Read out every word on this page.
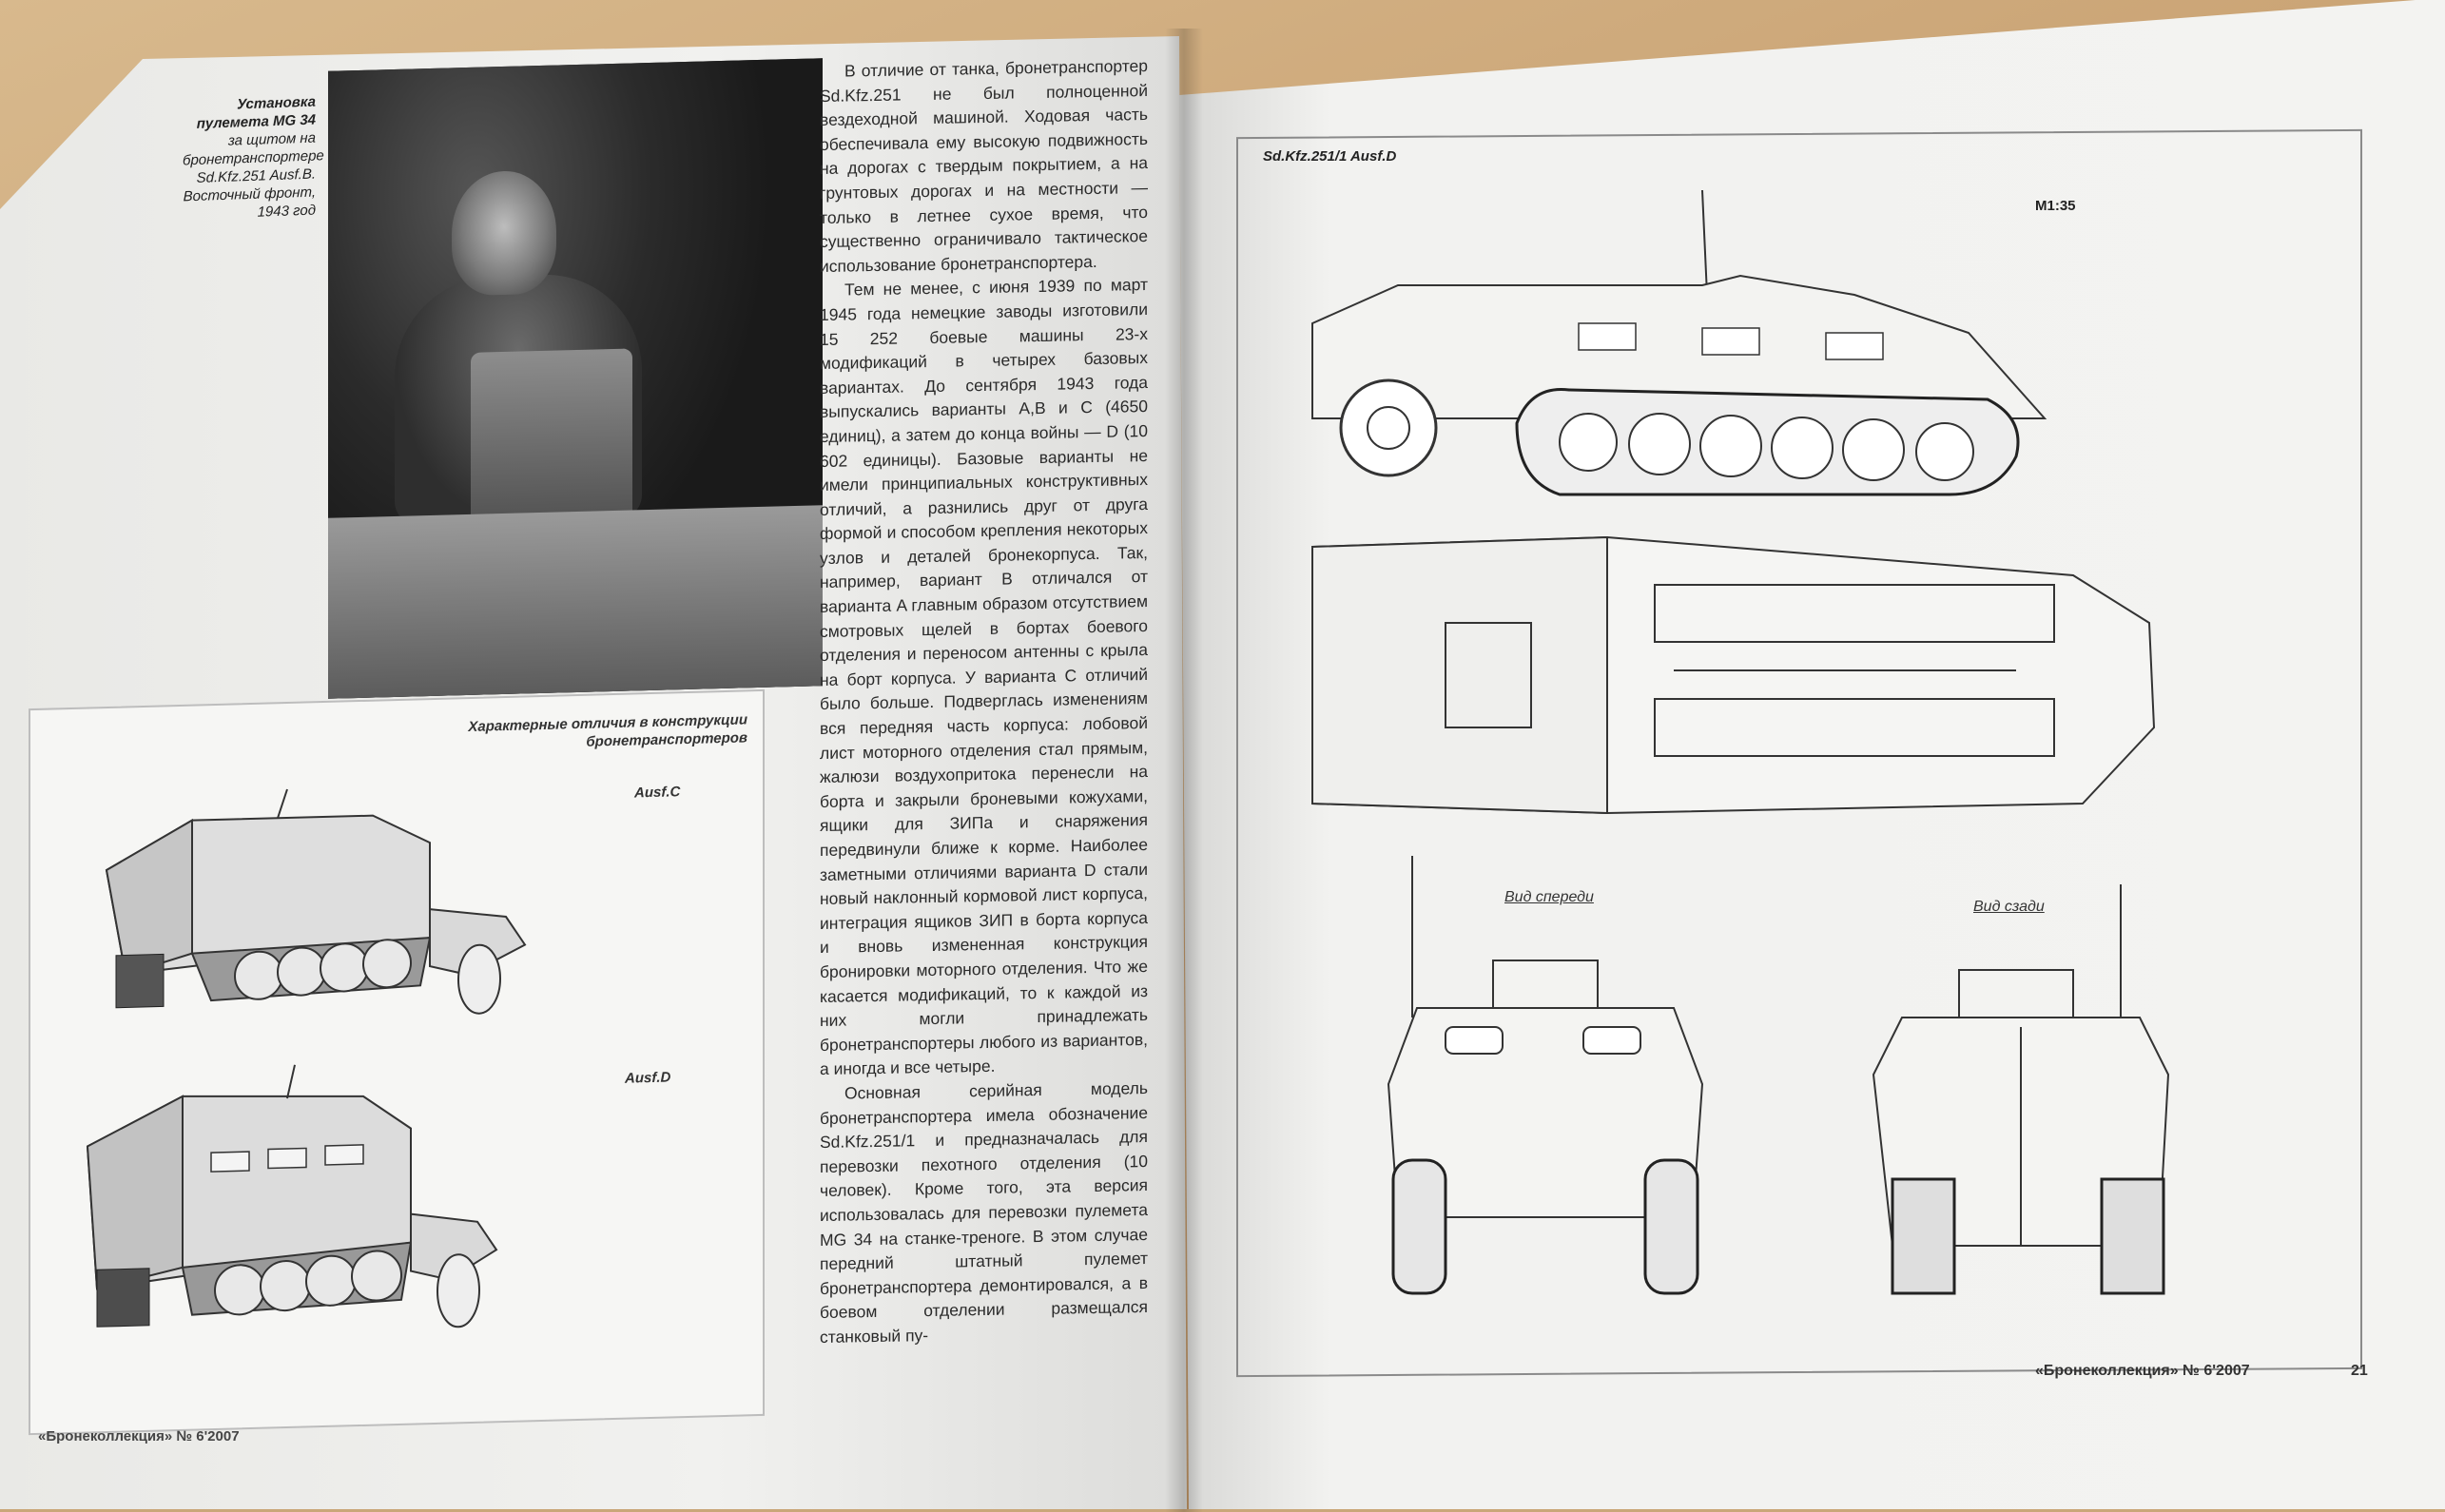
Установка пулемета MG 34
за щитом на бронетранспортере Sd.Kfz.251 Ausf.B. Восточный фронт, 1943 год

В отличие от танка, бронетранспортер Sd.Kfz.251 не был полноценной вездеходной машиной. Ходовая часть обеспечивала ему высокую подвижность на дорогах с твердым покрытием, а на грунтовых дорогах и на местности — только в летнее сухое время, что существенно ограничивало тактическое использование бронетранспортера.

Тем не менее, с июня 1939 по март 1945 года немецкие заводы изготовили 15 252 боевые машины 23-х модификаций в четырех базовых вариантах. До сентября 1943 года выпускались варианты A,B и C (4650 единиц), а затем до конца войны — D (10 602 единицы). Базовые варианты не имели принципиальных конструктивных отличий, а разнились друг от друга формой и способом крепления некоторых узлов и деталей бронекорпуса. Так, например, вариант B отличался от варианта A главным образом отсутствием смотровых щелей в бортах боевого отделения и переносом антенны с крыла на борт корпуса. У варианта C отличий было больше. Подверглась изменениям вся передняя часть корпуса: лобовой лист моторного отделения стал прямым, жалюзи воздухопритока перенесли на борта и закрыли броневыми кожухами, ящики для ЗИПа и снаряжения передвинули ближе к корме. Наиболее заметными отличиями варианта D стали новый наклонный кормовой лист корпуса, интеграция ящиков ЗИП в борта корпуса и вновь измененная конструкция бронировки моторного отделения. Что же касается модификаций, то к каждой из них могли принадлежать бронетранспортеры любого из вариантов, а иногда и все четыре.

Основная серийная модель бронетранспортера имела обозначение Sd.Kfz.251/1 и предназначалась для перевозки пехотного отделения (10 человек). Кроме того, эта версия использовалась для перевозки пулемета MG 34 на станке-треноге. В этом случае передний штатный пулемет бронетранспортера демонтировался, а в боевом отделении размещался станковый пу-

Характерные отличия в конструкции бронетранспортеров
Ausf.C
Ausf.D
«Бронеколлекция» № 6'2007
Sd.Kfz.251/1 Ausf.D
M1:35
Вид спереди
Вид сзади
«Бронеколлекция» № 6'2007	21
